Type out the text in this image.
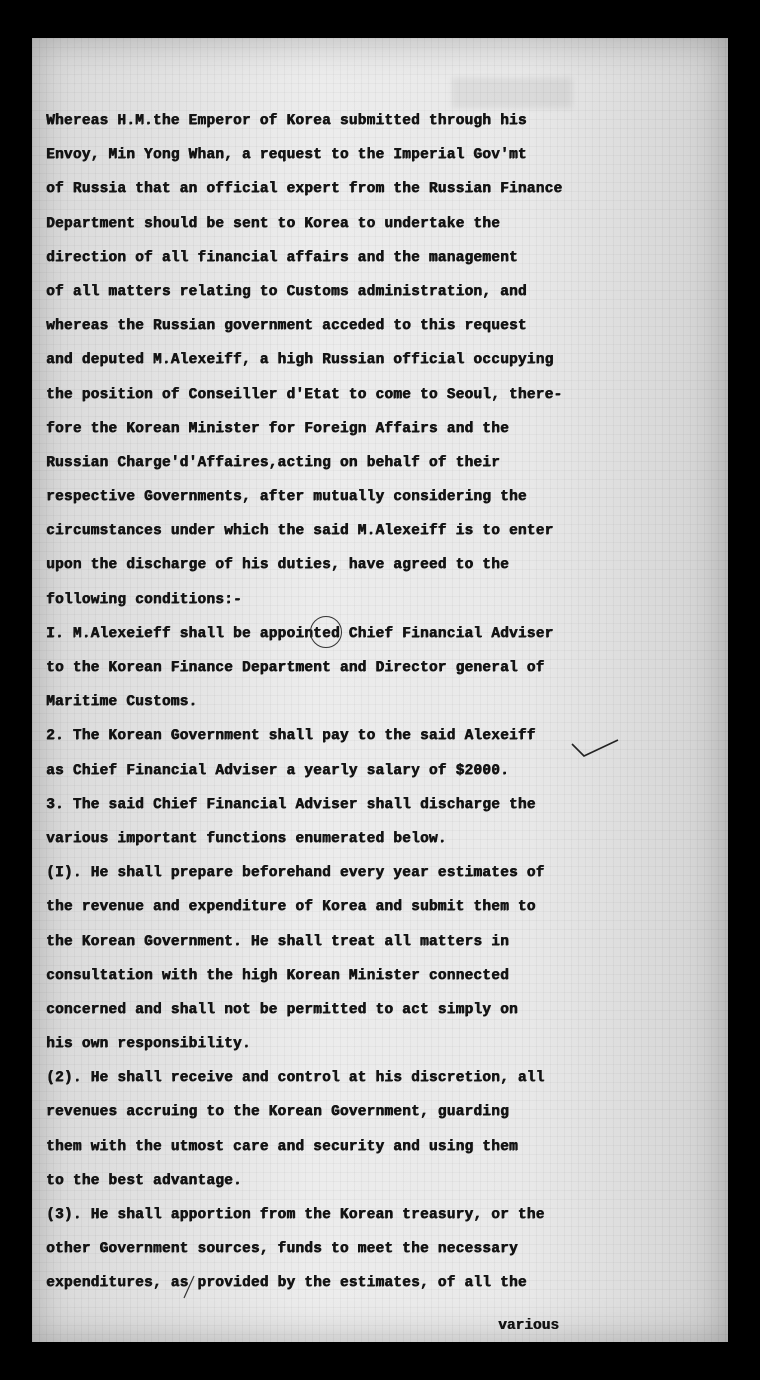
Whereas H.M.the Emperor of Korea submitted through his
Envoy, Min Yong Whan, a request to the Imperial Gov'mt
of Russia that an official expert from the Russian Finance
Department should be sent to Korea to undertake the
direction of all financial affairs and the management
of all matters relating to Customs administration, and
whereas the Russian government acceded to this request
and deputed M.Alexeiff, a high Russian official occupying
the position of Conseiller d'Etat to come to Seoul, there-
fore the Korean Minister for Foreign Affairs and the
Russian Charge'd'Affaires,acting on behalf of their
respective Governments, after mutually considering the
circumstances under which the said M.Alexeiff is to enter
upon the discharge of his duties, have agreed to the
following conditions:-
I. M.Alexeieff shall be appointed Chief Financial Adviser
to the Korean Finance Department and Director general of
Maritime Customs.
2. The Korean Government shall pay to the said Alexeiff
as Chief Financial Adviser a yearly salary of $2000.
3. The said Chief Financial Adviser shall discharge the
various important functions enumerated below.
(I). He shall prepare beforehand every year estimates of
the revenue and expenditure of Korea and submit them to
the Korean Government. He shall treat all matters in
consultation with the high Korean Minister connected
concerned and shall not be permitted to act simply on
his own responsibility.
(2). He shall receive and control at his discretion, all
revenues accruing to the Korean Government, guarding
them with the utmost care and security and using them
to the best advantage.
(3). He shall apportion from the Korean treasury, or the
other Government sources, funds to meet the necessary
expenditures, as provided by the estimates, of all the
various
